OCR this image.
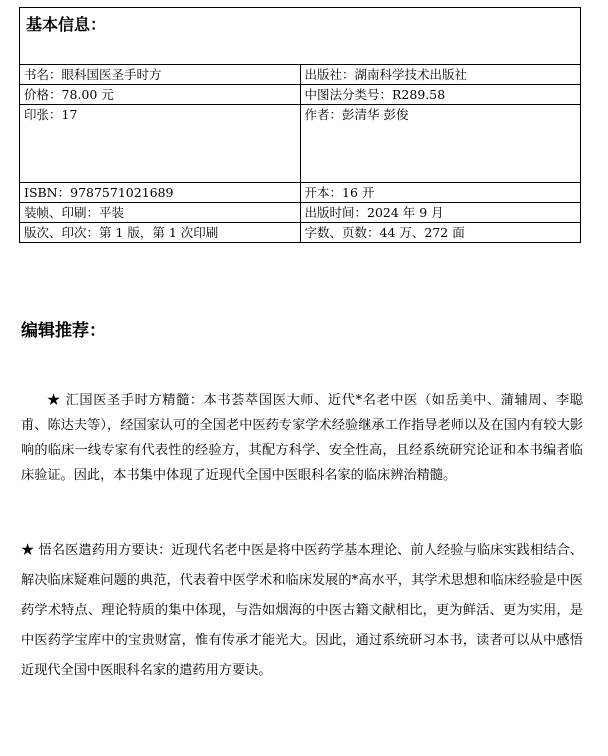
基本信息：	
书名：眼科国医圣手时方	出版社：湖南科学技术出版社
价格：78.00 元	中图法分类号：R289.58
印张：17	作者：彭清华 彭俊
ISBN：9787571021689	开本：16 开
装帧、印刷：平装	出版时间：2024 年 9 月
版次、印次：第 1 版，第 1 次印刷	字数、页数：44 万、272 面
编辑推荐：

★ 汇国医圣手时方精髓：本书荟萃国医大师、近代*名老中医（如岳美中、蒲辅周、李聪甫、陈达夫等），经国家认可的全国老中医药专家学术经验继承工作指导老师以及在国内有较大影响的临床一线专家有代表性的经验方，其配方科学、安全性高，且经系统研究论证和本书编者临床验证。因此，本书集中体现了近现代全国中医眼科名家的临床辨治精髓。

★ 悟名医遣药用方要诀：近现代名老中医是将中医药学基本理论、前人经验与临床实践相结合、解决临床疑难问题的典范，代表着中医学术和临床发展的*高水平，其学术思想和临床经验是中医药学术特点、理论特质的集中体现，与浩如烟海的中医古籍文献相比，更为鲜活、更为实用，是中医药学宝库中的宝贵财富，惟有传承才能光大。因此，通过系统研习本书，读者可以从中感悟近现代全国中医眼科名家的遣药用方要诀。
